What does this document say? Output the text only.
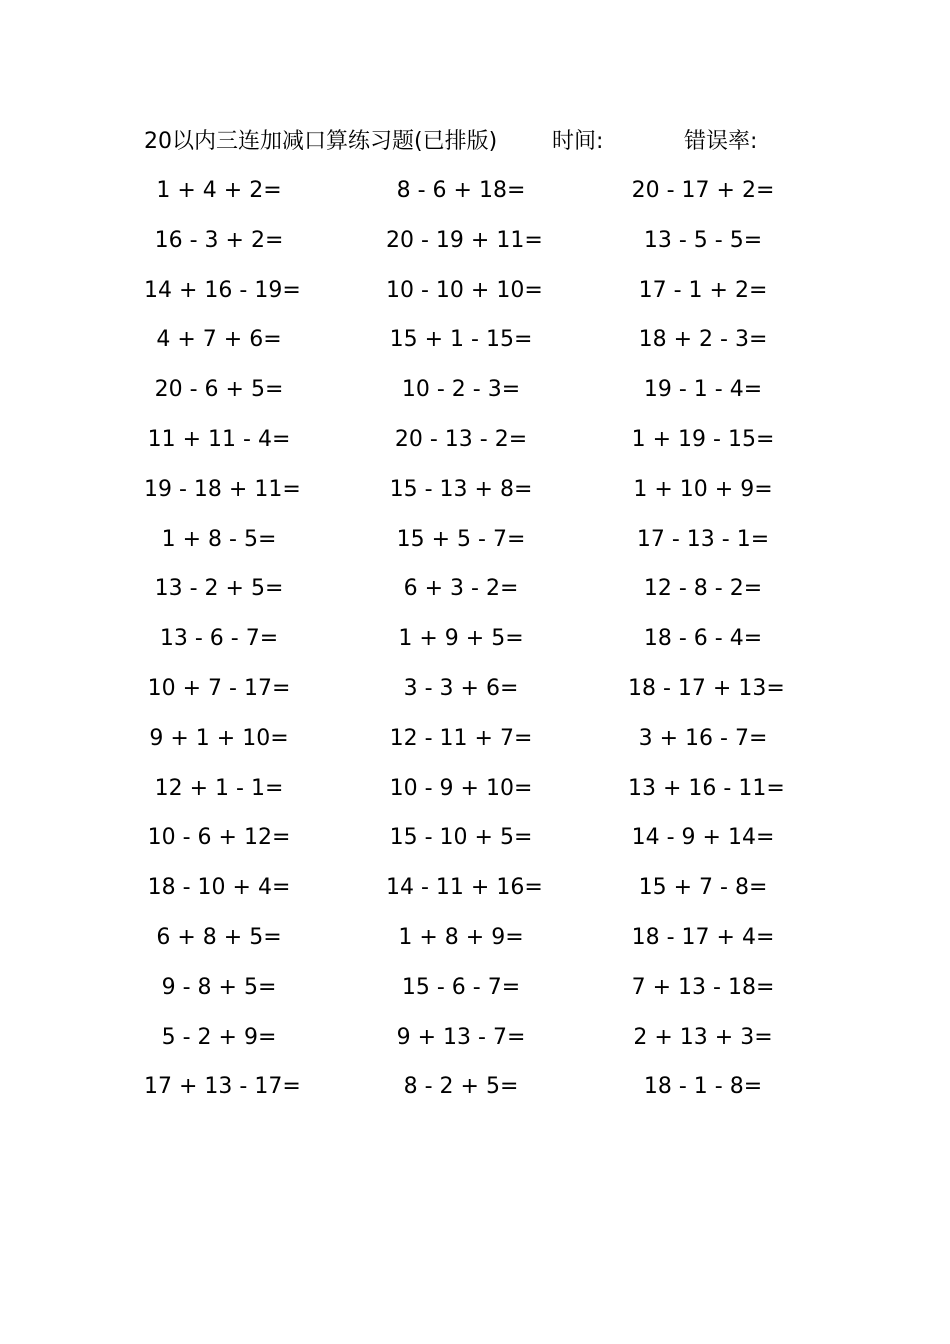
20以内三连加减口算练习题(已排版) 时间:	错误率:
1 + 4 + 2=	8 - 6 + 18=	20 - 17 + 2=
16 - 3 + 2=	20 - 19 + 11=	13 - 5 - 5=
14 + 16 - 19=	10 - 10 + 10=	17 - 1 + 2=
4 + 7 + 6=	15 + 1 - 15=	18 + 2 - 3=
20 - 6 + 5=	10 - 2 - 3=	19 - 1 - 4=
11 + 11 - 4=	20 - 13 - 2=	1 + 19 - 15=
19 - 18 + 11=	15 - 13 + 8=	1 + 10 + 9=
1 + 8 - 5=	15 + 5 - 7=	17 - 13 - 1=
13 - 2 + 5=	6 + 3 - 2=	12 - 8 - 2=
13 - 6 - 7=	1 + 9 + 5=	18 - 6 - 4=
10 + 7 - 17=	3 - 3 + 6=	18 - 17 + 13=
9 + 1 + 10=	12 - 11 + 7=	3 + 16 - 7=
12 + 1 - 1=	10 - 9 + 10=	13 + 16 - 11=
10 - 6 + 12=	15 - 10 + 5=	14 - 9 + 14=
18 - 10 + 4=	14 - 11 + 16=	15 + 7 - 8=
6 + 8 + 5=	1 + 8 + 9=	18 - 17 + 4=
9 - 8 + 5=	15 - 6 - 7=	7 + 13 - 18=
5 - 2 + 9=	9 + 13 - 7=	2 + 13 + 3=
17 + 13 - 17=	8 - 2 + 5=	18 - 1 - 8=
